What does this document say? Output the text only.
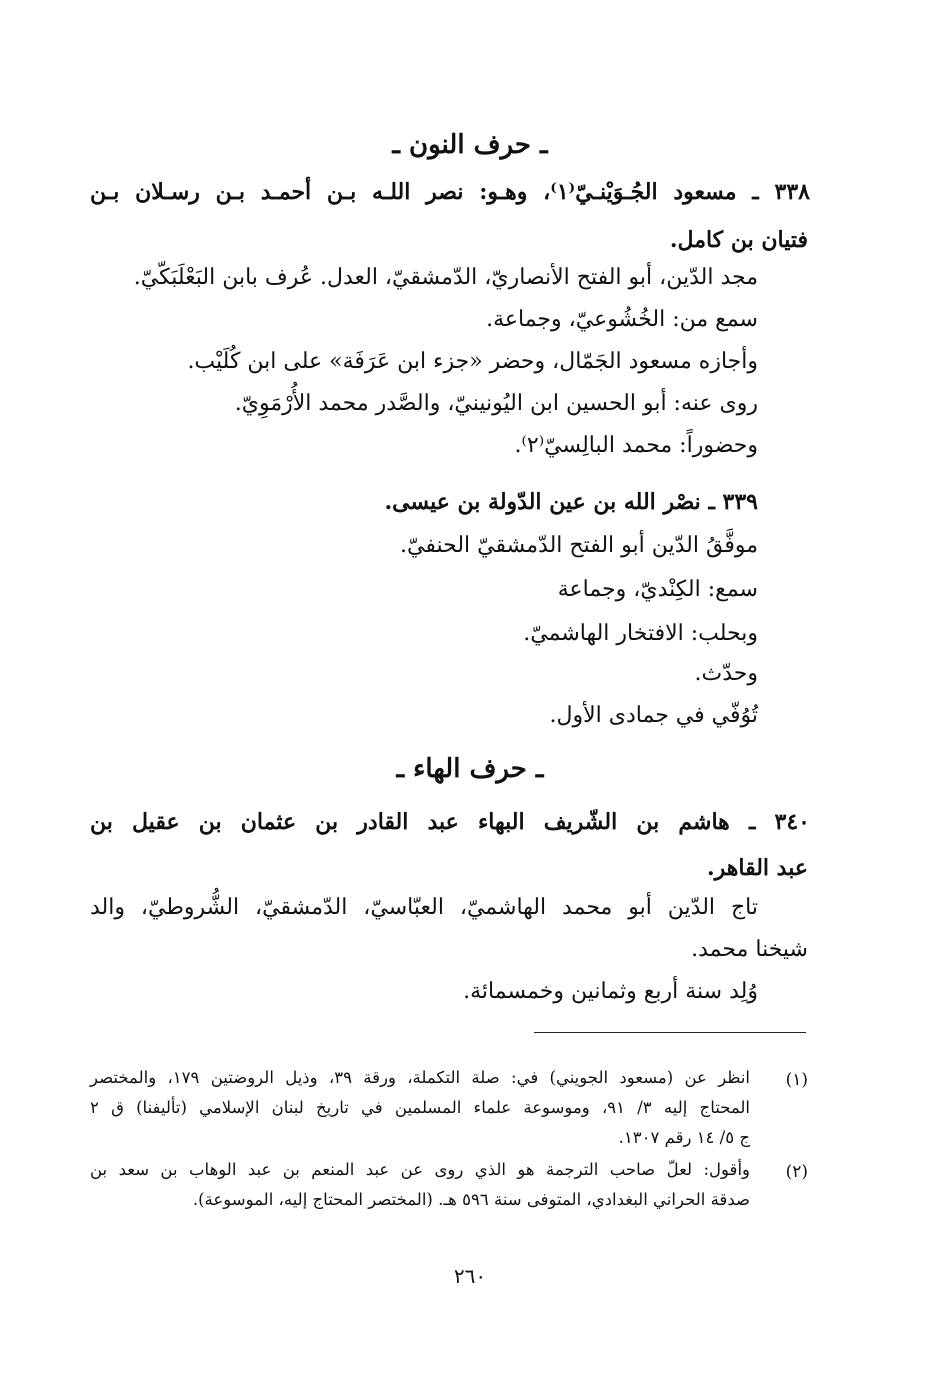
ـ حرف النون ـ
٣٣٨ ـ مسعود الجُـوَيْنـيّ⁽١⁾، وهـو: نصر اللـه بـن أحمـد بـن رسـلان بـن
فتيان بن كامل.
مجد الدّين، أبو الفتح الأنصاريّ، الدّمشقيّ، العدل. عُرف بابن البَعْلَبَكّيّ.
سمع من: الخُشُوعيّ، وجماعة.
وأجازه مسعود الجَمّال، وحضر «جزء ابن عَرَفَة» على ابن كُلَيْب.
روى عنه: أبو الحسين ابن اليُونينيّ، والصَّدر محمد الأُرْمَوِيّ.
وحضوراً: محمد البالِسيّ⁽٢⁾.
٣٣٩ ـ نصْر الله بن عين الدّولة بن عيسى.
موفَّقُ الدّين أبو الفتح الدّمشقيّ الحنفيّ.
سمع: الكِنْديّ، وجماعة
وبحلب: الافتخار الهاشميّ.
وحدّث.
تُوُفّي في جمادى الأول.
ـ حرف الهاء ـ
٣٤٠ ـ هاشم بن الشّريف البهاء عبد القادر بن عثمان بن عقيل بن
عبد القاهر.
تاج الدّين أبو محمد الهاشميّ، العبّاسيّ، الدّمشقيّ، الشُّروطيّ، والد
شيخنا محمد.
وُلِد سنة أربع وثمانين وخمسمائة.
(١)
انظر عن (مسعود الجويني) في: صلة التكملة، ورقة ٣٩، وذيل الروضتين ١٧٩، والمختصر
المحتاج إليه ٣/ ٩١، وموسوعة علماء المسلمين في تاريخ لبنان الإسلامي (تأليفنا) ق ٢
ج ٥/ ١٤ رقم ١٣٠٧.
(٢)
وأقول: لعلّ صاحب الترجمة هو الذي روى عن عبد المنعم بن عبد الوهاب بن سعد بن
صدقة الحراني البغدادي، المتوفى سنة ٥٩٦ هـ. (المختصر المحتاج إليه، الموسوعة).
٢٦٠
